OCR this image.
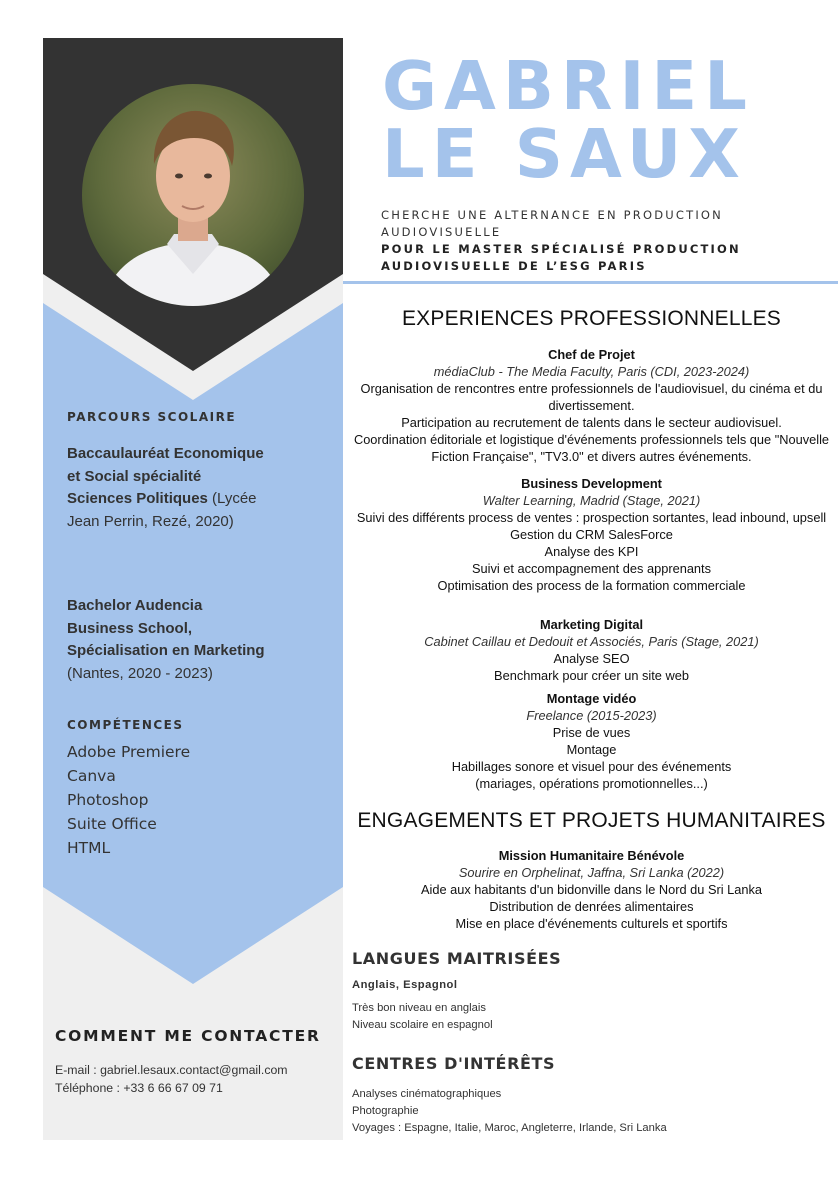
GABRIEL
LE SAUX
CHERCHE UNE ALTERNANCE EN PRODUCTION AUDIOVISUELLE
POUR LE MASTER SPÉCIALISÉ PRODUCTION AUDIOVISUELLE DE L’ESG PARIS
PARCOURS SCOLAIRE
Baccaulauréat Economique et Social spécialité Sciences Politiques (Lycée Jean Perrin, Rezé, 2020)
Bachelor Audencia Business School, Spécialisation en Marketing (Nantes, 2020 - 2023)
COMPÉTENCES
Adobe Premiere
Canva
Photoshop
Suite Office
HTML
COMMENT ME CONTACTER
E-mail : gabriel.lesaux.contact@gmail.com
Téléphone : +33 6 66 67 09 71
EXPERIENCES PROFESSIONNELLES
Chef de Projet
médiaClub - The Media Faculty, Paris (CDI, 2023-2024)
Organisation de rencontres entre professionnels de l'audiovisuel, du cinéma et du divertissement.
Participation au recrutement de talents dans le secteur audiovisuel.
Coordination éditoriale et logistique d'événements professionnels tels que "Nouvelle Fiction Française", "TV3.0" et divers autres événements.
Business Development
Walter Learning, Madrid (Stage, 2021)
Suivi des différents process de ventes : prospection sortantes, lead inbound, upsell
Gestion du CRM SalesForce
Analyse des KPI
Suivi et accompagnement des apprenants
Optimisation des process de la formation commerciale
Marketing Digital
Cabinet Caillau et Dedouit et Associés, Paris (Stage, 2021)
Analyse SEO
Benchmark pour créer un site web
Montage vidéo
Freelance (2015-2023)
Prise de vues
Montage
Habillages sonore et visuel pour des événements
(mariages, opérations promotionnelles...)
ENGAGEMENTS ET PROJETS HUMANITAIRES
Mission Humanitaire Bénévole
Sourire en Orphelinat, Jaffna, Sri Lanka (2022)
Aide aux habitants d'un bidonville dans le Nord du Sri Lanka
Distribution de denrées alimentaires
Mise en place d'événements culturels et sportifs
LANGUES MAITRISÉES
Anglais, Espagnol
Très bon niveau en anglais
Niveau scolaire en espagnol
CENTRES D'INTÉRÊTS
Analyses cinématographiques
Photographie
Voyages : Espagne, Italie, Maroc, Angleterre, Irlande, Sri Lanka
